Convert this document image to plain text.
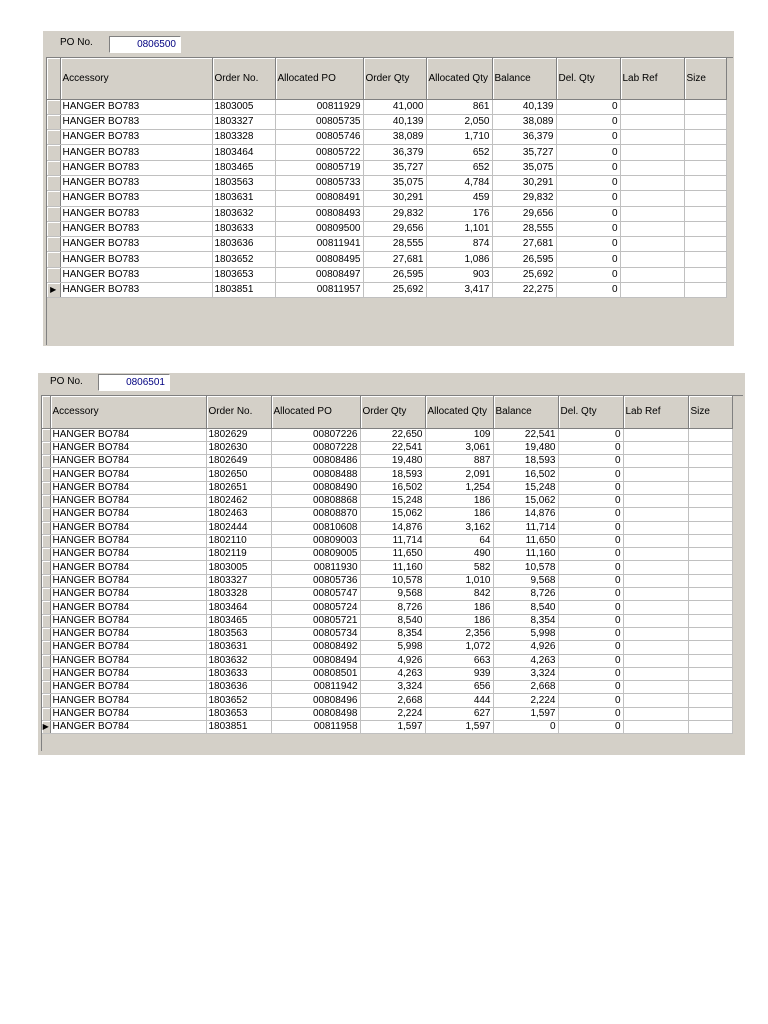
PO No.	0806500
	Accessory	Order No.	Allocated PO	Order Qty	Allocated Qty	Balance	Del. Qty	Lab Ref	Size
	HANGER BO783	1803005	00811929	41,000	861	40,139	0		
	HANGER BO783	1803327	00805735	40,139	2,050	38,089	0		
	HANGER BO783	1803328	00805746	38,089	1,710	36,379	0		
	HANGER BO783	1803464	00805722	36,379	652	35,727	0		
	HANGER BO783	1803465	00805719	35,727	652	35,075	0		
	HANGER BO783	1803563	00805733	35,075	4,784	30,291	0		
	HANGER BO783	1803631	00808491	30,291	459	29,832	0		
	HANGER BO783	1803632	00808493	29,832	176	29,656	0		
	HANGER BO783	1803633	00809500	29,656	1,101	28,555	0		
	HANGER BO783	1803636	00811941	28,555	874	27,681	0		
	HANGER BO783	1803652	00808495	27,681	1,086	26,595	0		
	HANGER BO783	1803653	00808497	26,595	903	25,692	0		
▶	HANGER BO783	1803851	00811957	25,692	3,417	22,275	0		
PO No.	0806501
	Accessory	Order No.	Allocated PO	Order Qty	Allocated Qty	Balance	Del. Qty	Lab Ref	Size
	HANGER BO784	1802629	00807226	22,650	109	22,541	0		
	HANGER BO784	1802630	00807228	22,541	3,061	19,480	0		
	HANGER BO784	1802649	00808486	19,480	887	18,593	0		
	HANGER BO784	1802650	00808488	18,593	2,091	16,502	0		
	HANGER BO784	1802651	00808490	16,502	1,254	15,248	0		
	HANGER BO784	1802462	00808868	15,248	186	15,062	0		
	HANGER BO784	1802463	00808870	15,062	186	14,876	0		
	HANGER BO784	1802444	00810608	14,876	3,162	11,714	0		
	HANGER BO784	1802110	00809003	11,714	64	11,650	0		
	HANGER BO784	1802119	00809005	11,650	490	11,160	0		
	HANGER BO784	1803005	00811930	11,160	582	10,578	0		
	HANGER BO784	1803327	00805736	10,578	1,010	9,568	0		
	HANGER BO784	1803328	00805747	9,568	842	8,726	0		
	HANGER BO784	1803464	00805724	8,726	186	8,540	0		
	HANGER BO784	1803465	00805721	8,540	186	8,354	0		
	HANGER BO784	1803563	00805734	8,354	2,356	5,998	0		
	HANGER BO784	1803631	00808492	5,998	1,072	4,926	0		
	HANGER BO784	1803632	00808494	4,926	663	4,263	0		
	HANGER BO784	1803633	00808501	4,263	939	3,324	0		
	HANGER BO784	1803636	00811942	3,324	656	2,668	0		
	HANGER BO784	1803652	00808496	2,668	444	2,224	0		
	HANGER BO784	1803653	00808498	2,224	627	1,597	0		
▶	HANGER BO784	1803851	00811958	1,597	1,597	0	0		
